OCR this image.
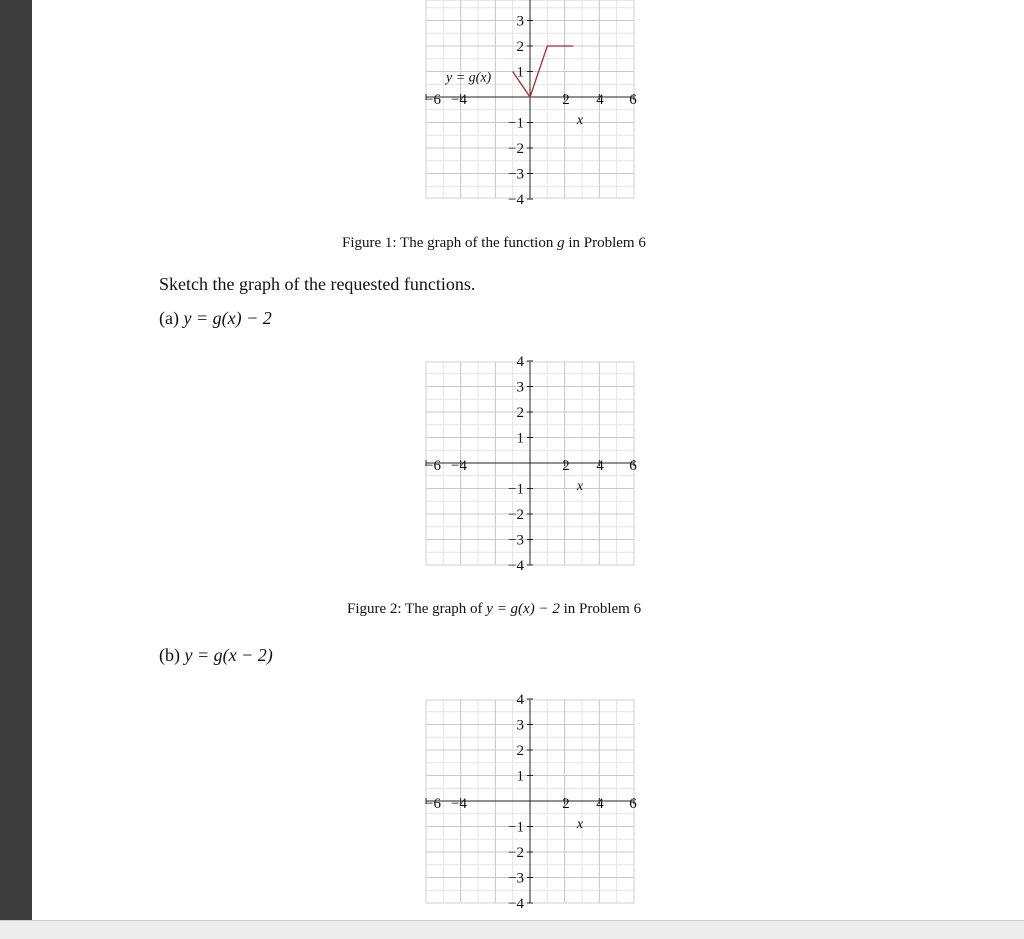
−6 −4	2 4 6
3
2
1
−1
−2
−3
−4
x
y = g(x)
Figure 1: The graph of the function g in Problem 6
Sketch the graph of the requested functions.
(a) y = g(x) − 2
−6 −4	2 4 6
4
3
2
1
−1
−2
−3
−4
x
Figure 2: The graph of y = g(x) − 2 in Problem 6
(b) y = g(x − 2)
−6 −4	2 4 6
4
3
2
1
−1
−2
−3
−4
x
